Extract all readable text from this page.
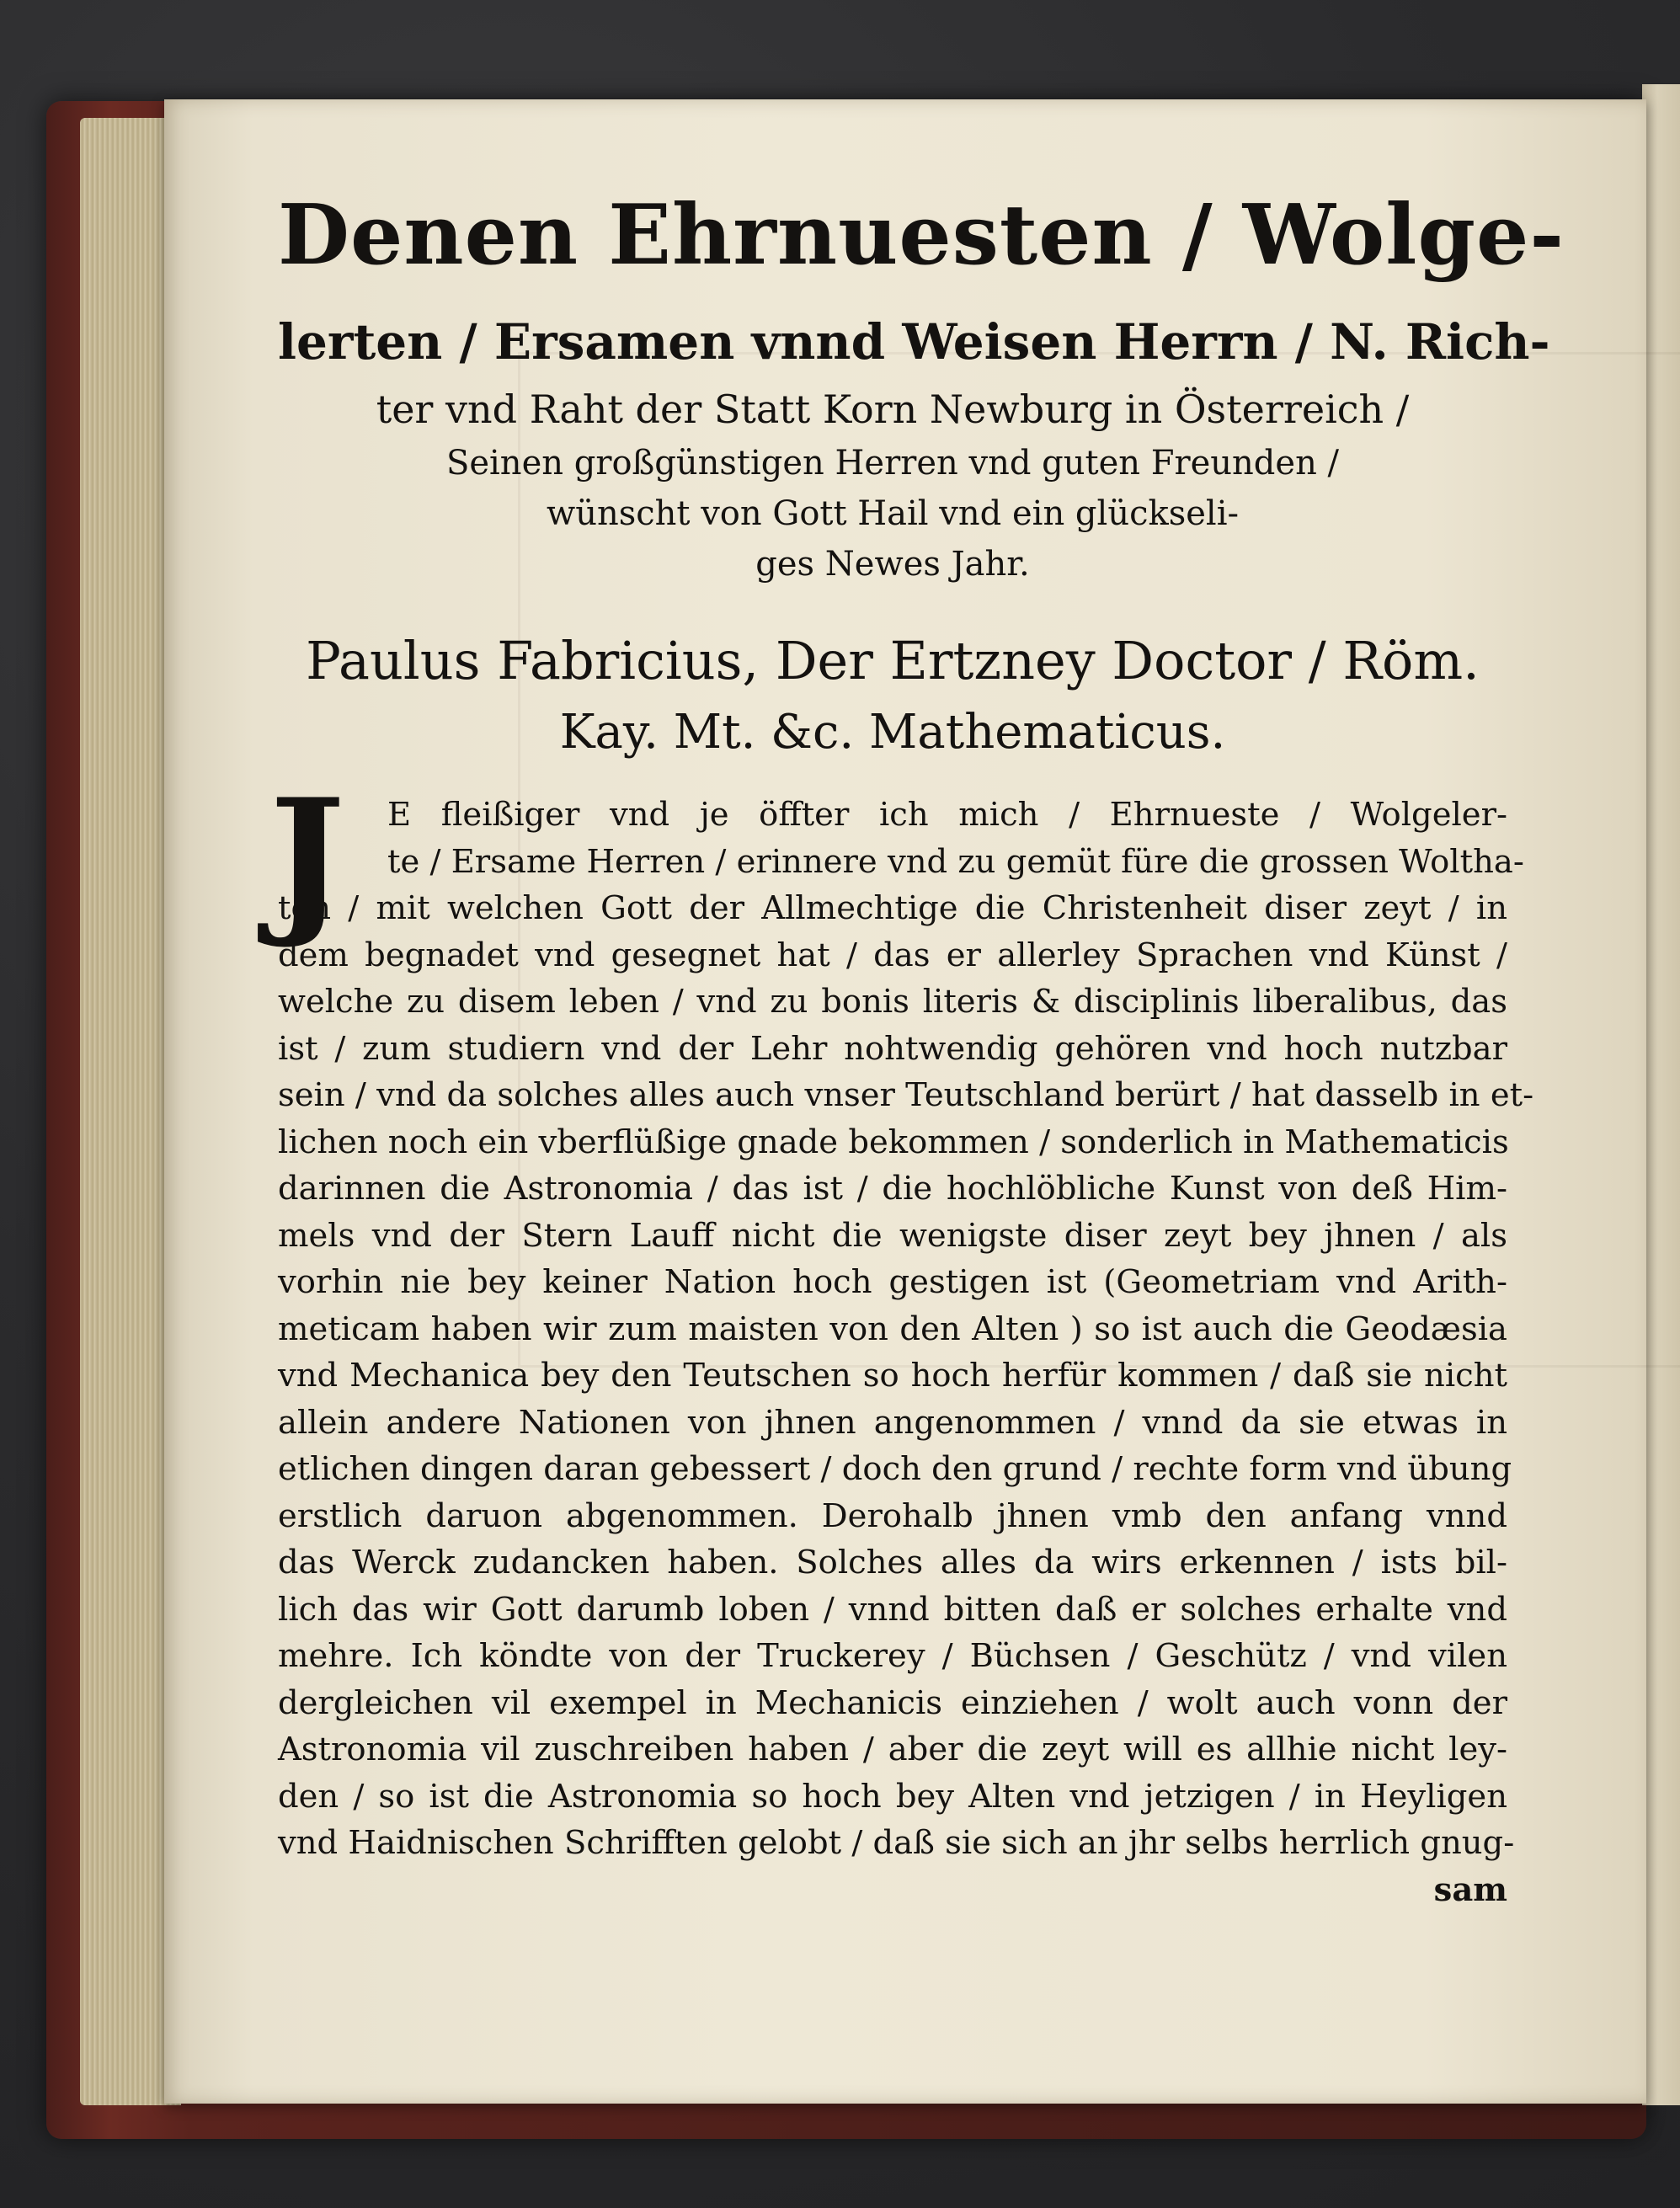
Denen Ehrnuesten / Wolge-

lerten / Ersamen vnnd Weisen Herrn / N. Rich-

ter vnd Raht der Statt Korn Newburg in Österreich /

Seinen großgünstigen Herren vnd guten Freunden /

wünscht von Gott Hail vnd ein glückseli-

ges Newes Jahr.

Paulus Fabricius, Der Ertzney Doctor / Röm.

Kay. Mt. &c. Mathematicus.

J	E fleißiger vnd je öffter ich mich / Ehrnueste / Wolgeler-

te / Ersame Herren / erinnere vnd zu gemüt füre die grossen Woltha-

ten / mit welchen Gott der Allmechtige die Christenheit diser zeyt / in

dem begnadet vnd gesegnet hat / das er allerley Sprachen vnd Künst /

welche zu disem leben / vnd zu bonis literis & disciplinis liberalibus, das

ist / zum studiern vnd der Lehr nohtwendig gehören vnd hoch nutzbar

sein / vnd da solches alles auch vnser Teutschland berürt / hat dasselb in et-

lichen noch ein vberflüßige gnade bekommen / sonderlich in Mathematicis

darinnen die Astronomia / das ist / die hochlöbliche Kunst von deß Him-

mels vnd der Stern Lauff nicht die wenigste diser zeyt bey jhnen / als

vorhin nie bey keiner Nation hoch gestigen ist (Geometriam vnd Arith-

meticam haben wir zum maisten von den Alten ) so ist auch die Geodæsia

vnd Mechanica bey den Teutschen so hoch herfür kommen / daß sie nicht

allein andere Nationen von jhnen angenommen / vnnd da sie etwas in

etlichen dingen daran gebessert / doch den grund / rechte form vnd übung

erstlich daruon abgenommen. Derohalb jhnen vmb den anfang vnnd

das Werck zudancken haben. Solches alles da wirs erkennen / ists bil-

lich das wir Gott darumb loben / vnnd bitten daß er solches erhalte vnd

mehre. Ich köndte von der Truckerey / Büchsen / Geschütz / vnd vilen

dergleichen vil exempel in Mechanicis einziehen / wolt auch vonn der

Astronomia vil zuschreiben haben / aber die zeyt will es allhie nicht ley-

den / so ist die Astronomia so hoch bey Alten vnd jetzigen / in Heyligen

vnd Haidnischen Schrifften gelobt / daß sie sich an jhr selbs herrlich gnug-

sam
